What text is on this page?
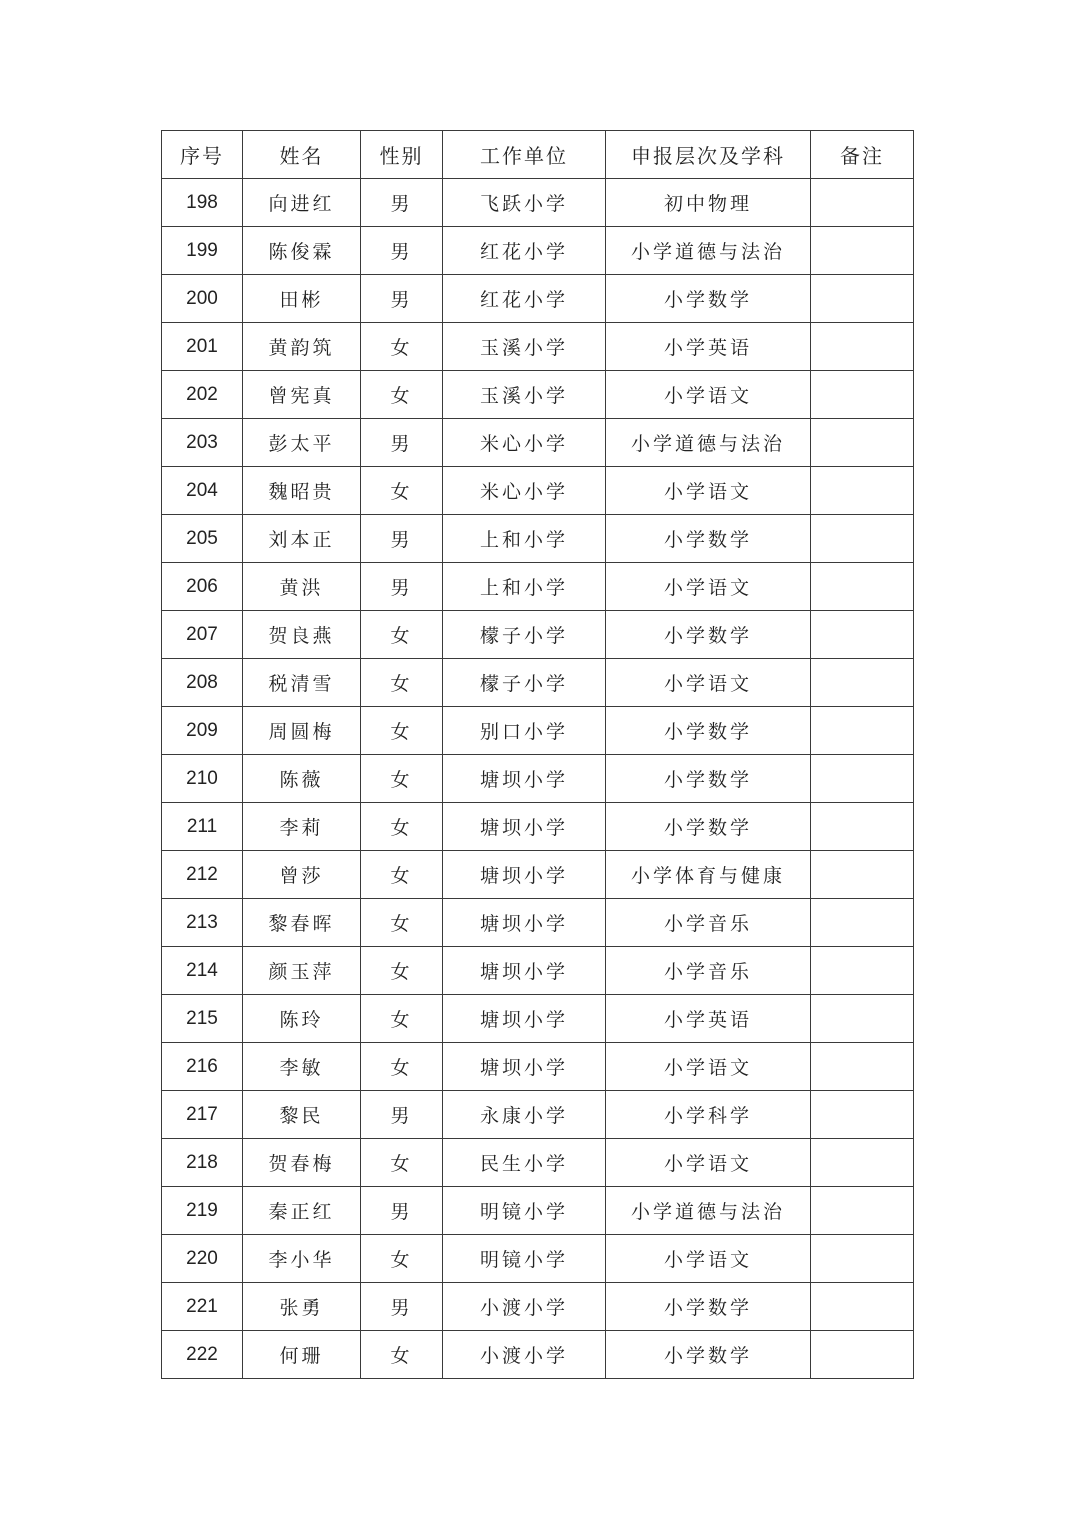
序号	姓名	性别	工作单位	申报层次及学科	备注
198	向进红	男	飞跃小学	初中物理	
199	陈俊霖	男	红花小学	小学道德与法治	
200	田彬	男	红花小学	小学数学	
201	黄韵筑	女	玉溪小学	小学英语	
202	曾宪真	女	玉溪小学	小学语文	
203	彭太平	男	米心小学	小学道德与法治	
204	魏昭贵	女	米心小学	小学语文	
205	刘本正	男	上和小学	小学数学	
206	黄洪	男	上和小学	小学语文	
207	贺良燕	女	檬子小学	小学数学	
208	税清雪	女	檬子小学	小学语文	
209	周圆梅	女	别口小学	小学数学	
210	陈薇	女	塘坝小学	小学数学	
211	李莉	女	塘坝小学	小学数学	
212	曾莎	女	塘坝小学	小学体育与健康	
213	黎春晖	女	塘坝小学	小学音乐	
214	颜玉萍	女	塘坝小学	小学音乐	
215	陈玲	女	塘坝小学	小学英语	
216	李敏	女	塘坝小学	小学语文	
217	黎民	男	永康小学	小学科学	
218	贺春梅	女	民生小学	小学语文	
219	秦正红	男	明镜小学	小学道德与法治	
220	李小华	女	明镜小学	小学语文	
221	张勇	男	小渡小学	小学数学	
222	何珊	女	小渡小学	小学数学	
